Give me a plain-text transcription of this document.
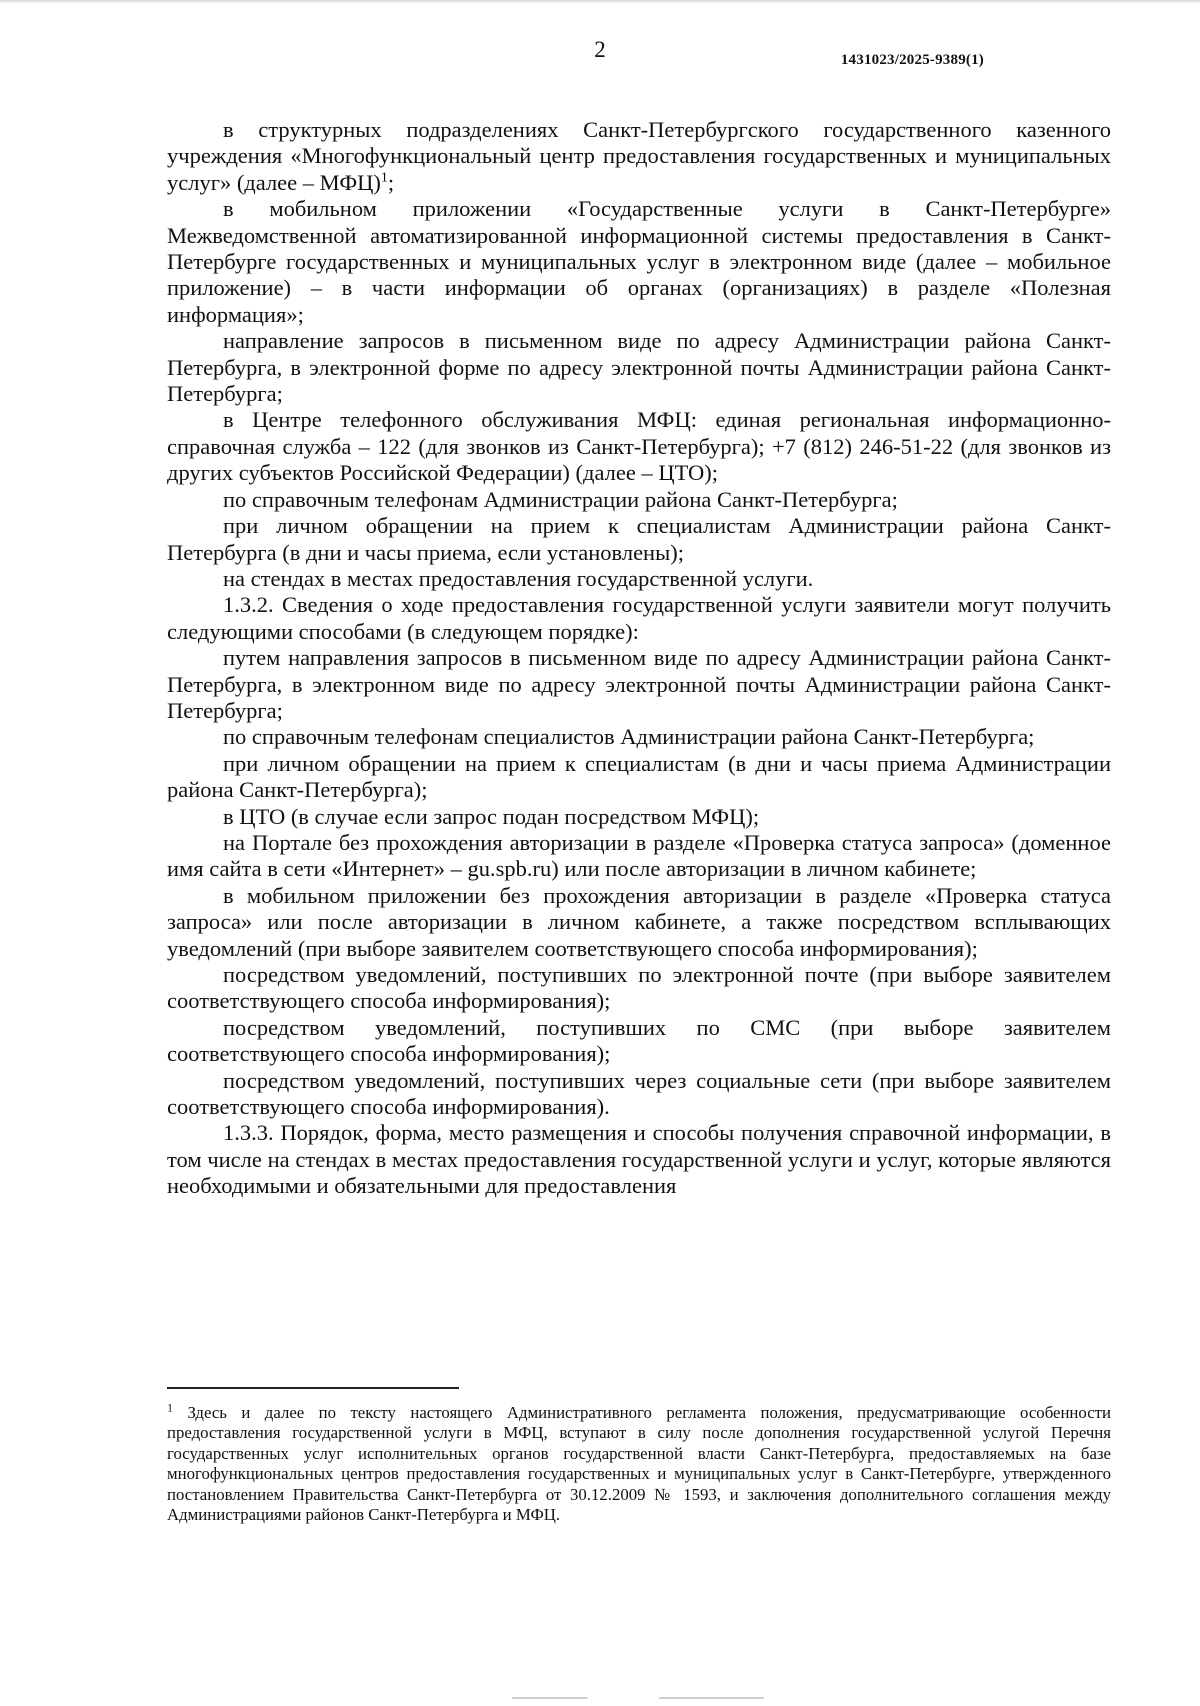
2	1431023/2025-9389(1)

в структурных подразделениях Санкт-Петербургского государственного казенного учреждения «Многофункциональный центр предоставления государственных и муниципальных услуг» (далее – МФЦ)$^1$;

в мобильном приложении «Государственные услуги в Санкт-Петербурге» Межведомственной автоматизированной информационной системы предоставления в Санкт-Петербурге государственных и муниципальных услуг в электронном виде (далее – мобильное приложение) – в части информации об органах (организациях) в разделе «Полезная информация»;

направление запросов в письменном виде по адресу Администрации района Санкт-Петербурга, в электронной форме по адресу электронной почты Администрации района Санкт-Петербурга;

в Центре телефонного обслуживания МФЦ: единая региональная информационно-справочная служба – 122 (для звонков из Санкт-Петербурга); +7 (812) 246-51-22 (для звонков из других субъектов Российской Федерации) (далее – ЦТО);

по справочным телефонам Администрации района Санкт-Петербурга;

при личном обращении на прием к специалистам Администрации района Санкт-Петербурга (в дни и часы приема, если установлены);

на стендах в местах предоставления государственной услуги.

1.3.2. Сведения о ходе предоставления государственной услуги заявители могут получить следующими способами (в следующем порядке):

путем направления запросов в письменном виде по адресу Администрации района Санкт-Петербурга, в электронном виде по адресу электронной почты Администрации района Санкт-Петербурга;

по справочным телефонам специалистов Администрации района Санкт-Петербурга;

при личном обращении на прием к специалистам (в дни и часы приема Администрации района Санкт-Петербурга);

в ЦТО (в случае если запрос подан посредством МФЦ);

на Портале без прохождения авторизации в разделе «Проверка статуса запроса» (доменное имя сайта в сети «Интернет» – gu.spb.ru) или после авторизации в личном кабинете;

в мобильном приложении без прохождения авторизации в разделе «Проверка статуса запроса» или после авторизации в личном кабинете, а также посредством всплывающих уведомлений (при выборе заявителем соответствующего способа информирования);

посредством уведомлений, поступивших по электронной почте (при выборе заявителем соответствующего способа информирования);

посредством уведомлений, поступивших по СМС (при выборе заявителем соответствующего способа информирования);

посредством уведомлений, поступивших через социальные сети (при выборе заявителем соответствующего способа информирования).

1.3.3. Порядок, форма, место размещения и способы получения справочной информации, в том числе на стендах в местах предоставления государственной услуги и услуг, которые являются необходимыми и обязательными для предоставления

$^1$ Здесь и далее по тексту настоящего Административного регламента положения, предусматривающие особенности предоставления государственной услуги в МФЦ, вступают в силу после дополнения государственной услугой Перечня государственных услуг исполнительных органов государственной власти Санкт-Петербурга, предоставляемых на базе многофункциональных центров предоставления государственных и муниципальных услуг в Санкт-Петербурге, утвержденного постановлением Правительства Санкт-Петербурга от 30.12.2009 № 1593, и заключения дополнительного соглашения между Администрациями районов Санкт-Петербурга и МФЦ.
